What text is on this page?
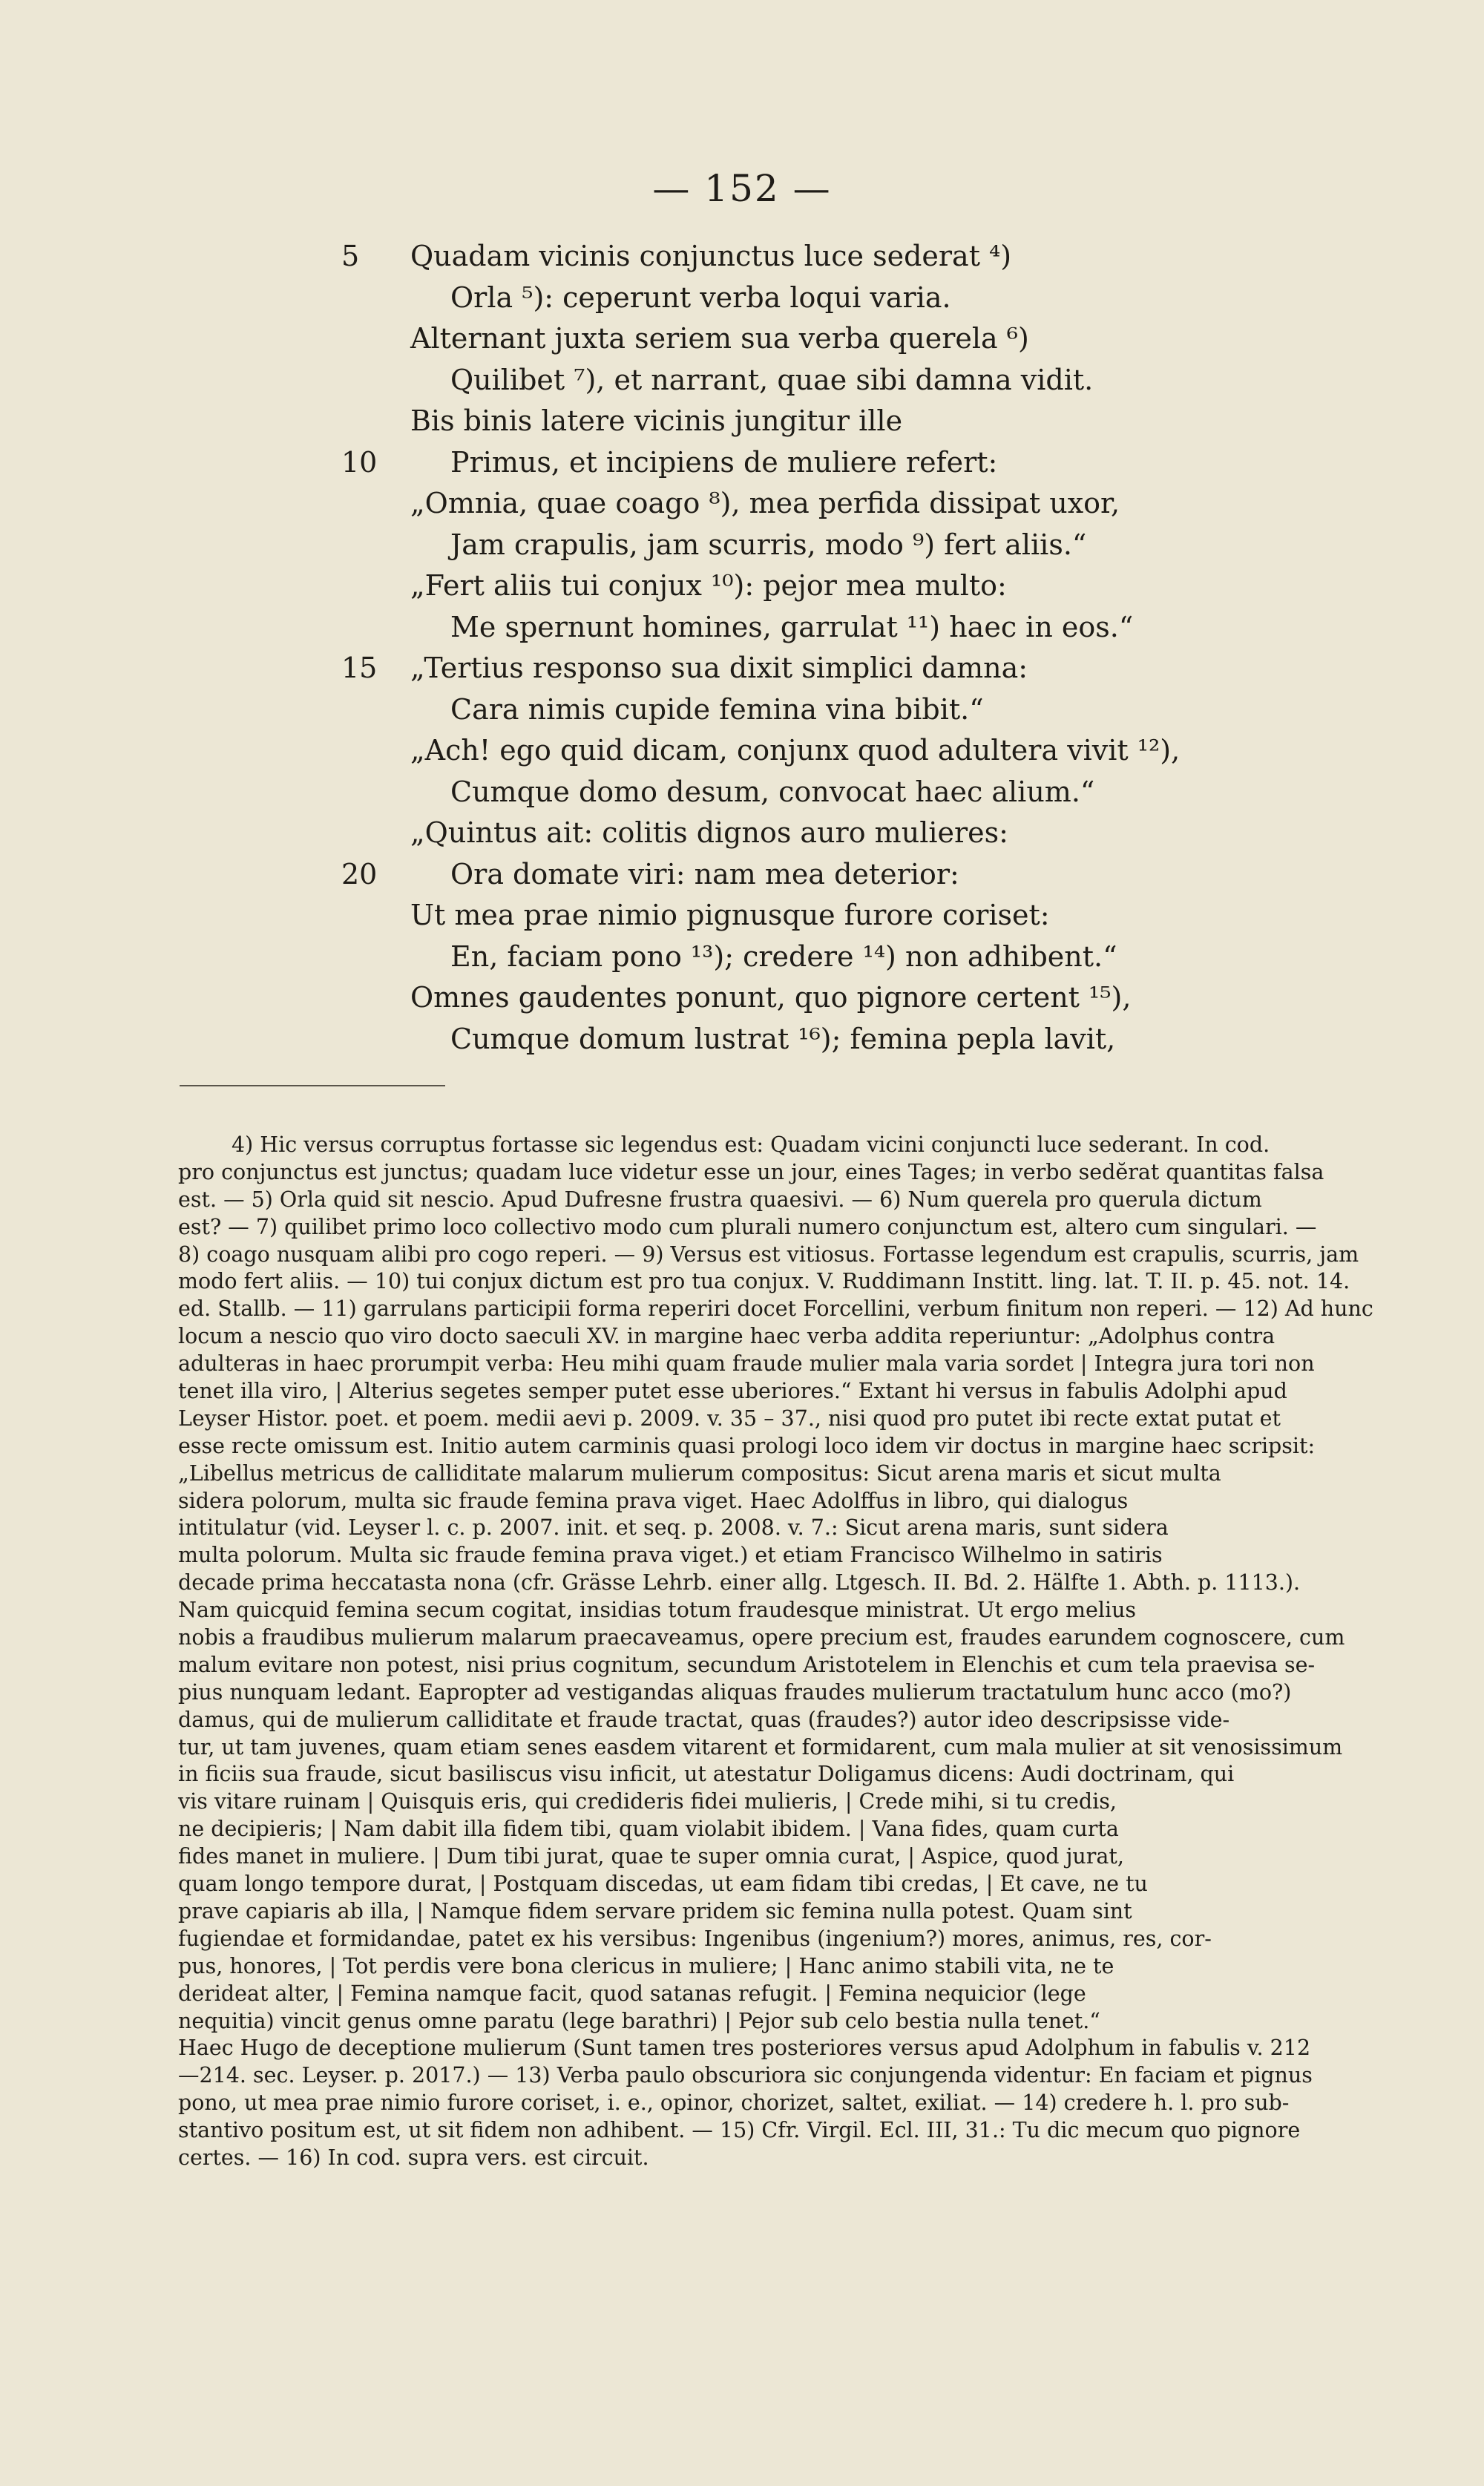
— 152 —
5	Quadam vicinis conjunctus luce sederat ⁴)
Orla ⁵): ceperunt verba loqui varia.
Alternant juxta seriem sua verba querela ⁶)
Quilibet ⁷), et narrant, quae sibi damna vidit.
Bis binis latere vicinis jungitur ille
10	Primus, et incipiens de muliere refert:
„Omnia, quae coago ⁸), mea perfida dissipat uxor,
Jam crapulis, jam scurris, modo ⁹) fert aliis.“
„Fert aliis tui conjux ¹⁰): pejor mea multo:
Me spernunt homines, garrulat ¹¹) haec in eos.“
15	„Tertius responso sua dixit simplici damna:
Cara nimis cupide femina vina bibit.“
„Ach! ego quid dicam, conjunx quod adultera vivit ¹²),
Cumque domo desum, convocat haec alium.“
„Quintus ait: colitis dignos auro mulieres:
20	Ora domate viri: nam mea deterior:
Ut mea prae nimio pignusque furore coriset:
En, faciam pono ¹³); credere ¹⁴) non adhibent.“
Omnes gaudentes ponunt, quo pignore certent ¹⁵),
Cumque domum lustrat ¹⁶); femina pepla lavit,
4) Hic versus corruptus fortasse sic legendus est: Quadam vicini conjuncti luce sederant. In cod.
pro conjunctus est junctus; quadam luce videtur esse un jour, eines Tages; in verbo sedĕrat quantitas falsa
est. — 5) Orla quid sit nescio. Apud Dufresne frustra quaesivi. — 6) Num querela pro querula dictum
est? — 7) quilibet primo loco collectivo modo cum plurali numero conjunctum est, altero cum singulari. —
8) coago nusquam alibi pro cogo reperi. — 9) Versus est vitiosus. Fortasse legendum est crapulis, scurris, jam
modo fert aliis. — 10) tui conjux dictum est pro tua conjux. V. Ruddimann Institt. ling. lat. T. II. p. 45. not. 14.
ed. Stallb. — 11) garrulans participii forma reperiri docet Forcellini, verbum finitum non reperi. — 12) Ad hunc
locum a nescio quo viro docto saeculi XV. in margine haec verba addita reperiuntur: „Adolphus contra
adulteras in haec prorumpit verba: Heu mihi quam fraude mulier mala varia sordet | Integra jura tori non
tenet illa viro, | Alterius segetes semper putet esse uberiores.“ Extant hi versus in fabulis Adolphi apud
Leyser Histor. poet. et poem. medii aevi p. 2009. v. 35 – 37., nisi quod pro putet ibi recte extat putat et
esse recte omissum est. Initio autem carminis quasi prologi loco idem vir doctus in margine haec scripsit:
„Libellus metricus de calliditate malarum mulierum compositus: Sicut arena maris et sicut multa
sidera polorum, multa sic fraude femina prava viget. Haec Adolffus in libro, qui dialogus
intitulatur (vid. Leyser l. c. p. 2007. init. et seq. p. 2008. v. 7.: Sicut arena maris, sunt sidera
multa polorum. Multa sic fraude femina prava viget.) et etiam Francisco Wilhelmo in satiris
decade prima heccatasta nona (cfr. Grässe Lehrb. einer allg. Ltgesch. II. Bd. 2. Hälfte 1. Abth. p. 1113.).
Nam quicquid femina secum cogitat, insidias totum fraudesque ministrat. Ut ergo melius
nobis a fraudibus mulierum malarum praecaveamus, opere precium est, fraudes earundem cognoscere, cum
malum evitare non potest, nisi prius cognitum, secundum Aristotelem in Elenchis et cum tela praevisa se-
pius nunquam ledant. Eapropter ad vestigandas aliquas fraudes mulierum tractatulum hunc acco (mo?)
damus, qui de mulierum calliditate et fraude tractat, quas (fraudes?) autor ideo descripsisse vide-
tur, ut tam juvenes, quam etiam senes easdem vitarent et formidarent, cum mala mulier at sit venosissimum
in ficiis sua fraude, sicut basiliscus visu inficit, ut atestatur Doligamus dicens: Audi doctrinam, qui
vis vitare ruinam | Quisquis eris, qui credideris fidei mulieris, | Crede mihi, si tu credis,
ne decipieris; | Nam dabit illa fidem tibi, quam violabit ibidem. | Vana fides, quam curta
fides manet in muliere. | Dum tibi jurat, quae te super omnia curat, | Aspice, quod jurat,
quam longo tempore durat, | Postquam discedas, ut eam fidam tibi credas, | Et cave, ne tu
prave capiaris ab illa, | Namque fidem servare pridem sic femina nulla potest. Quam sint
fugiendae et formidandae, patet ex his versibus: Ingenibus (ingenium?) mores, animus, res, cor-
pus, honores, | Tot perdis vere bona clericus in muliere; | Hanc animo stabili vita, ne te
derideat alter, | Femina namque facit, quod satanas refugit. | Femina nequicior (lege
nequitia) vincit genus omne paratu (lege barathri) | Pejor sub celo bestia nulla tenet.“
Haec Hugo de deceptione mulierum (Sunt tamen tres posteriores versus apud Adolphum in fabulis v. 212
—214. sec. Leyser. p. 2017.) — 13) Verba paulo obscuriora sic conjungenda videntur: En faciam et pignus
pono, ut mea prae nimio furore coriset, i. e., opinor, chorizet, saltet, exiliat. — 14) credere h. l. pro sub-
stantivo positum est, ut sit fidem non adhibent. — 15) Cfr. Virgil. Ecl. III, 31.: Tu dic mecum quo pignore
certes. — 16) In cod. supra vers. est circuit.
